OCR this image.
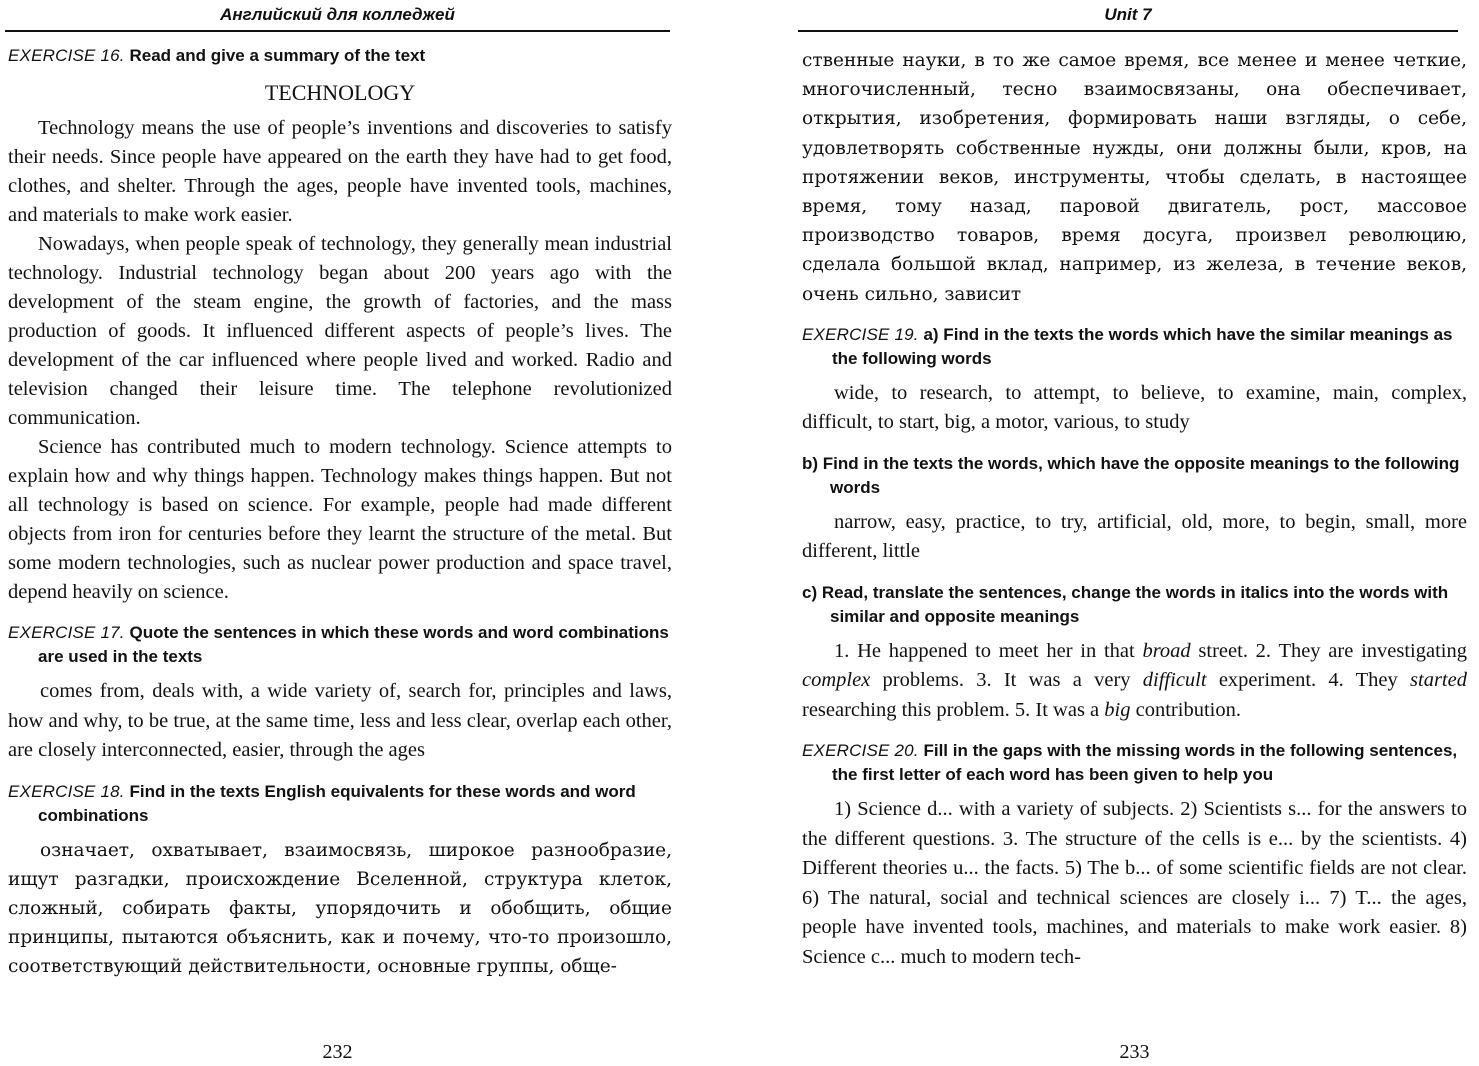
Английский для колледжей
EXERCISE 16. Read and give a summary of the text
TECHNOLOGY

Technology means the use of people’s inventions and discoveries to satisfy their needs. Since people have appeared on the earth they have had to get food, clothes, and shelter. Through the ages, people have invented tools, machines, and materials to make work easier.

Nowadays, when people speak of technology, they generally mean industrial technology. Industrial technology began about 200 years ago with the development of the steam engine, the growth of factories, and the mass production of goods. It influenced different aspects of people’s lives. The development of the car influenced where people lived and worked. Radio and television changed their leisure time. The telephone revolutionized communication.

Science has contributed much to modern technology. Science attempts to explain how and why things happen. Technology makes things happen. But not all technology is based on science. For example, people had made different objects from iron for centuries before they learnt the structure of the metal. But some modern technologies, such as nuclear power production and space travel, depend heavily on science.

EXERCISE 17. Quote the sentences in which these words and word combinations are used in the texts

comes from, deals with, a wide variety of, search for, principles and laws, how and why, to be true, at the same time, less and less clear, overlap each other, are closely interconnected, easier, through the ages

EXERCISE 18. Find in the texts English equivalents for these words and word combinations

означает, охватывает, взаимосвязь, широкое разнообразие, ищут разгадки, происхождение Вселенной, структура клеток, сложный, собирать факты, упорядочить и обобщить, общие принципы, пытаются объяснить, как и почему, что-то произошло, соответствующий действительности, основные группы, обще-

232
Unit 7

ственные науки, в то же самое время, все менее и менее четкие, многочисленный, тесно взаимосвязаны, она обеспечивает, открытия, изобретения, формировать наши взгляды, о себе, удовлетворять собственные нужды, они должны были, кров, на протяжении веков, инструменты, чтобы сделать, в настоящее время, тому назад, паровой двигатель, рост, массовое производство товаров, время досуга, произвел революцию, сделала большой вклад, например, из железа, в течение веков, очень сильно, зависит

EXERCISE 19. a) Find in the texts the words which have the similar meanings as the following words

wide, to research, to attempt, to believe, to examine, main, complex, difficult, to start, big, a motor, various, to study

b) Find in the texts the words, which have the opposite meanings to the following words

narrow, easy, practice, to try, artificial, old, more, to begin, small, more different, little

c) Read, translate the sentences, change the words in italics into the words with similar and opposite meanings

1. He happened to meet her in that broad street. 2. They are investigating complex problems. 3. It was a very difficult experiment. 4. They started researching this problem. 5. It was a big contribution.

EXERCISE 20. Fill in the gaps with the missing words in the following sentences, the first letter of each word has been given to help you

1) Science d... with a variety of subjects. 2) Scientists s... for the answers to the different questions. 3. The structure of the cells is e... by the scientists. 4) Different theories u... the facts. 5) The b... of some scientific fields are not clear. 6) The natural, social and technical sciences are closely i... 7) T... the ages, people have invented tools, machines, and materials to make work easier. 8) Science c... much to modern tech-

233
